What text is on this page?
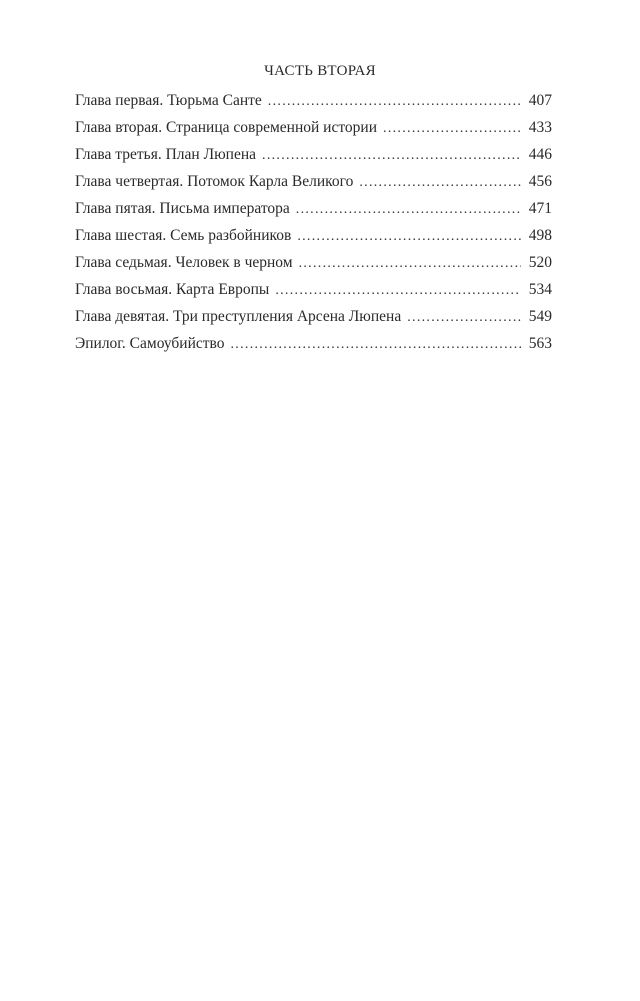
ЧАСТЬ ВТОРАЯ
Глава первая. Тюрьма Санте . . .	407
Глава вторая. Страница современной истории . . .	433
Глава третья. План Люпена . . .	446
Глава четвертая. Потомок Карла Великого . . .	456
Глава пятая. Письма императора . . .	471
Глава шестая. Семь разбойников . . .	498
Глава седьмая. Человек в черном . . .	520
Глава восьмая. Карта Европы . . .	534
Глава девятая. Три преступления Арсена Люпена . . .	549
Эпилог. Самоубийство . . .	563
